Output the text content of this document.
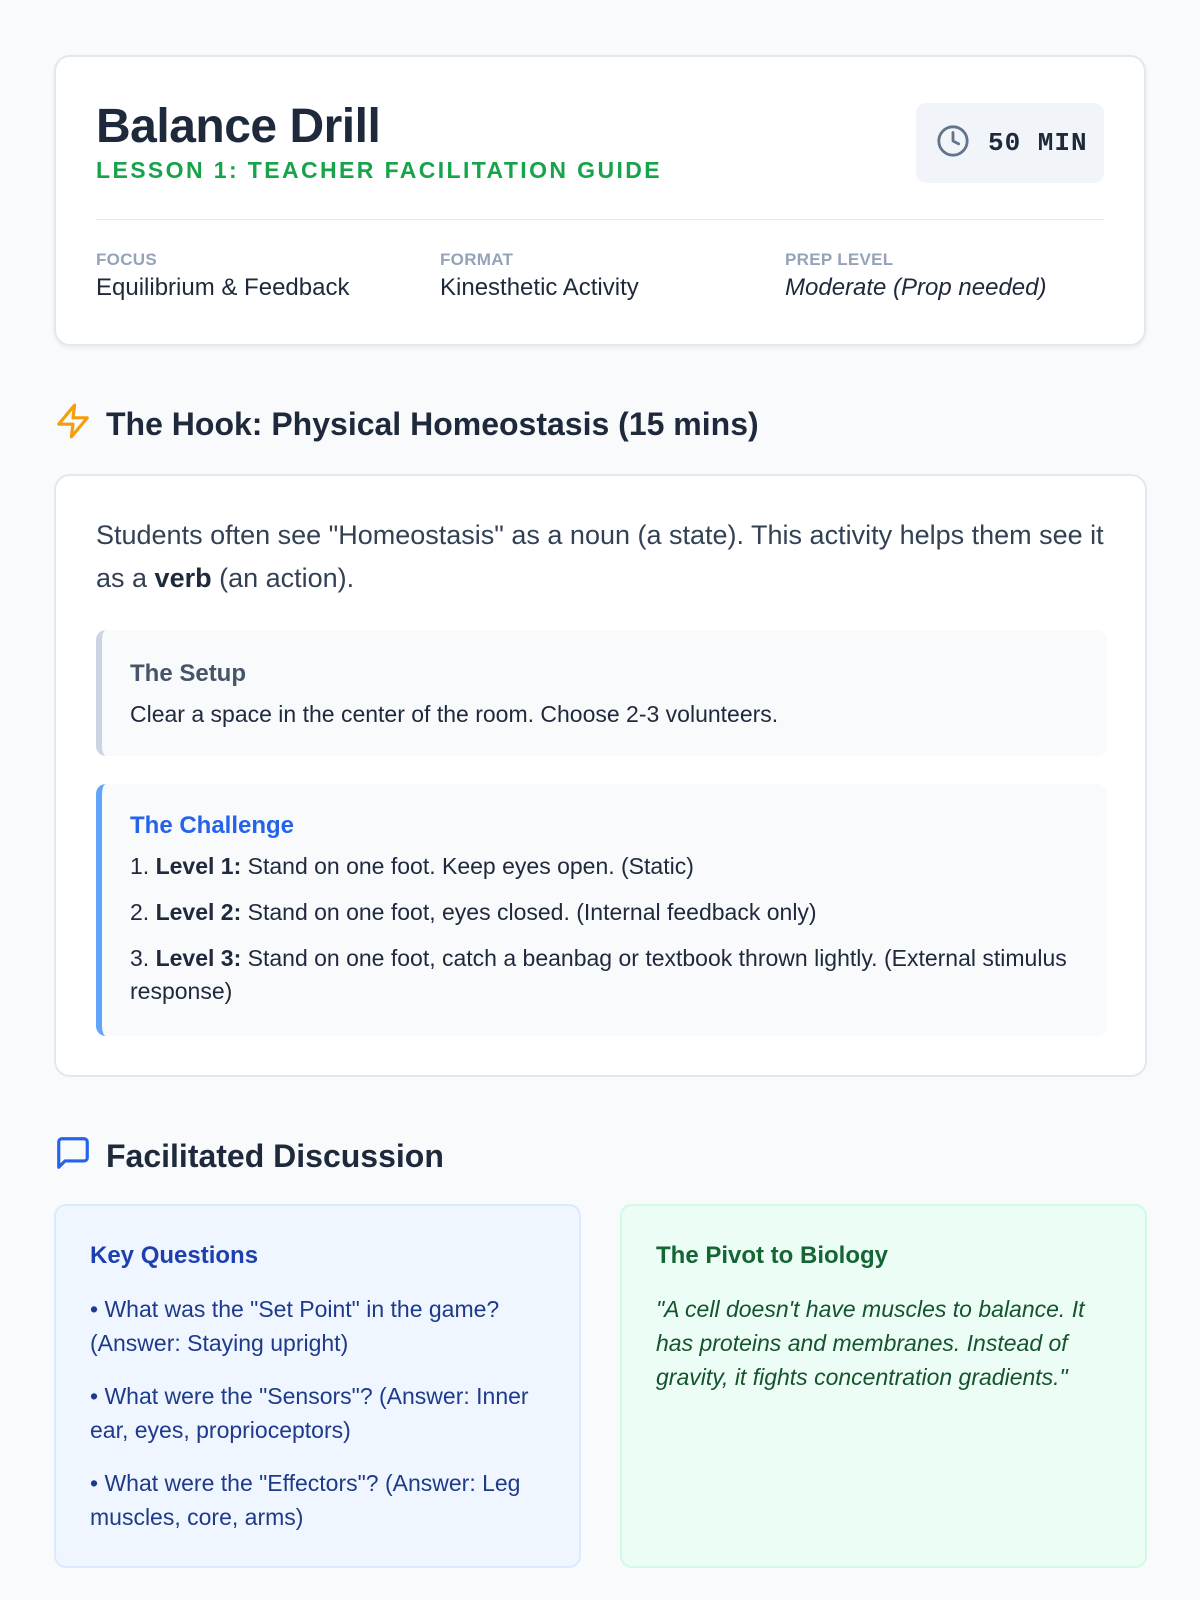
Balance Drill
LESSON 1: TEACHER FACILITATION GUIDE
50 MIN
FOCUS
Equilibrium & Feedback
FORMAT
Kinesthetic Activity
PREP LEVEL
Moderate (Prop needed)
The Hook: Physical Homeostasis (15 mins)

Students often see "Homeostasis" as a noun (a state). This activity helps them see it as a verb (an action).

The Setup
Clear a space in the center of the room. Choose 2-3 volunteers.
The Challenge
1. Level 1: Stand on one foot. Keep eyes open. (Static)
2. Level 2: Stand on one foot, eyes closed. (Internal feedback only)
3. Level 3: Stand on one foot, catch a beanbag or textbook thrown lightly. (External stimulus response)
Facilitated Discussion
Key Questions
• What was the "Set Point" in the game? (Answer: Staying upright)
• What were the "Sensors"? (Answer: Inner ear, eyes, proprioceptors)
• What were the "Effectors"? (Answer: Leg muscles, core, arms)
The Pivot to Biology

"A cell doesn't have muscles to balance. It has proteins and membranes. Instead of gravity, it fights concentration gradients."
